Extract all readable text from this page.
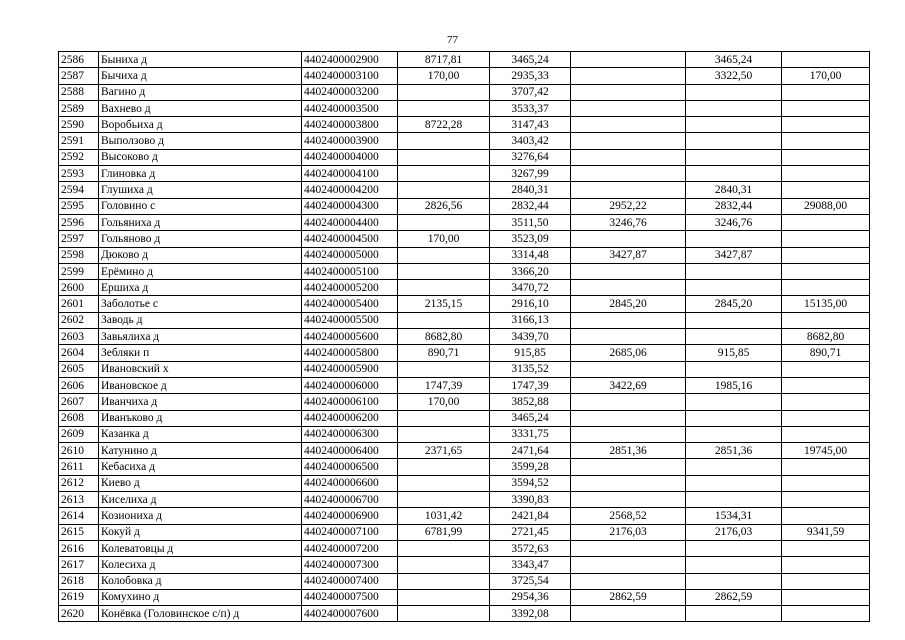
77
2586	Быниха д	4402400002900	8717,81	3465,24		3465,24	
2587	Бычиха д	4402400003100	170,00	2935,33		3322,50	170,00
2588	Вагино д	4402400003200		3707,42			
2589	Вахнево д	4402400003500		3533,37			
2590	Воробьиха д	4402400003800	8722,28	3147,43			
2591	Выползово д	4402400003900		3403,42			
2592	Высоково д	4402400004000		3276,64			
2593	Глиновка д	4402400004100		3267,99			
2594	Глушиха д	4402400004200		2840,31		2840,31	
2595	Головино с	4402400004300	2826,56	2832,44	2952,22	2832,44	29088,00
2596	Гольяниха д	4402400004400		3511,50	3246,76	3246,76	
2597	Гольяново д	4402400004500	170,00	3523,09			
2598	Дюково д	4402400005000		3314,48	3427,87	3427,87	
2599	Ерёмино д	4402400005100		3366,20			
2600	Ершиха д	4402400005200		3470,72			
2601	Заболотье с	4402400005400	2135,15	2916,10	2845,20	2845,20	15135,00
2602	Заводь д	4402400005500		3166,13			
2603	Завьялиха д	4402400005600	8682,80	3439,70			8682,80
2604	Зебляки п	4402400005800	890,71	915,85	2685,06	915,85	890,71
2605	Ивановский х	4402400005900		3135,52			
2606	Ивановское д	4402400006000	1747,39	1747,39	3422,69	1985,16	
2607	Иванчиха д	4402400006100	170,00	3852,88			
2608	Иванъково д	4402400006200		3465,24			
2609	Казанка д	4402400006300		3331,75			
2610	Катунино д	4402400006400	2371,65	2471,64	2851,36	2851,36	19745,00
2611	Кебасиха д	4402400006500		3599,28			
2612	Киево д	4402400006600		3594,52			
2613	Киселиха д	4402400006700		3390,83			
2614	Козиониха д	4402400006900	1031,42	2421,84	2568,52	1534,31	
2615	Кокуй д	4402400007100	6781,99	2721,45	2176,03	2176,03	9341,59
2616	Колеватовцы д	4402400007200		3572,63			
2617	Колесиха д	4402400007300		3343,47			
2618	Колобовка д	4402400007400		3725,54			
2619	Комухино д	4402400007500		2954,36	2862,59	2862,59	
2620	Конёвка (Головинское с/п) д	4402400007600		3392,08			
